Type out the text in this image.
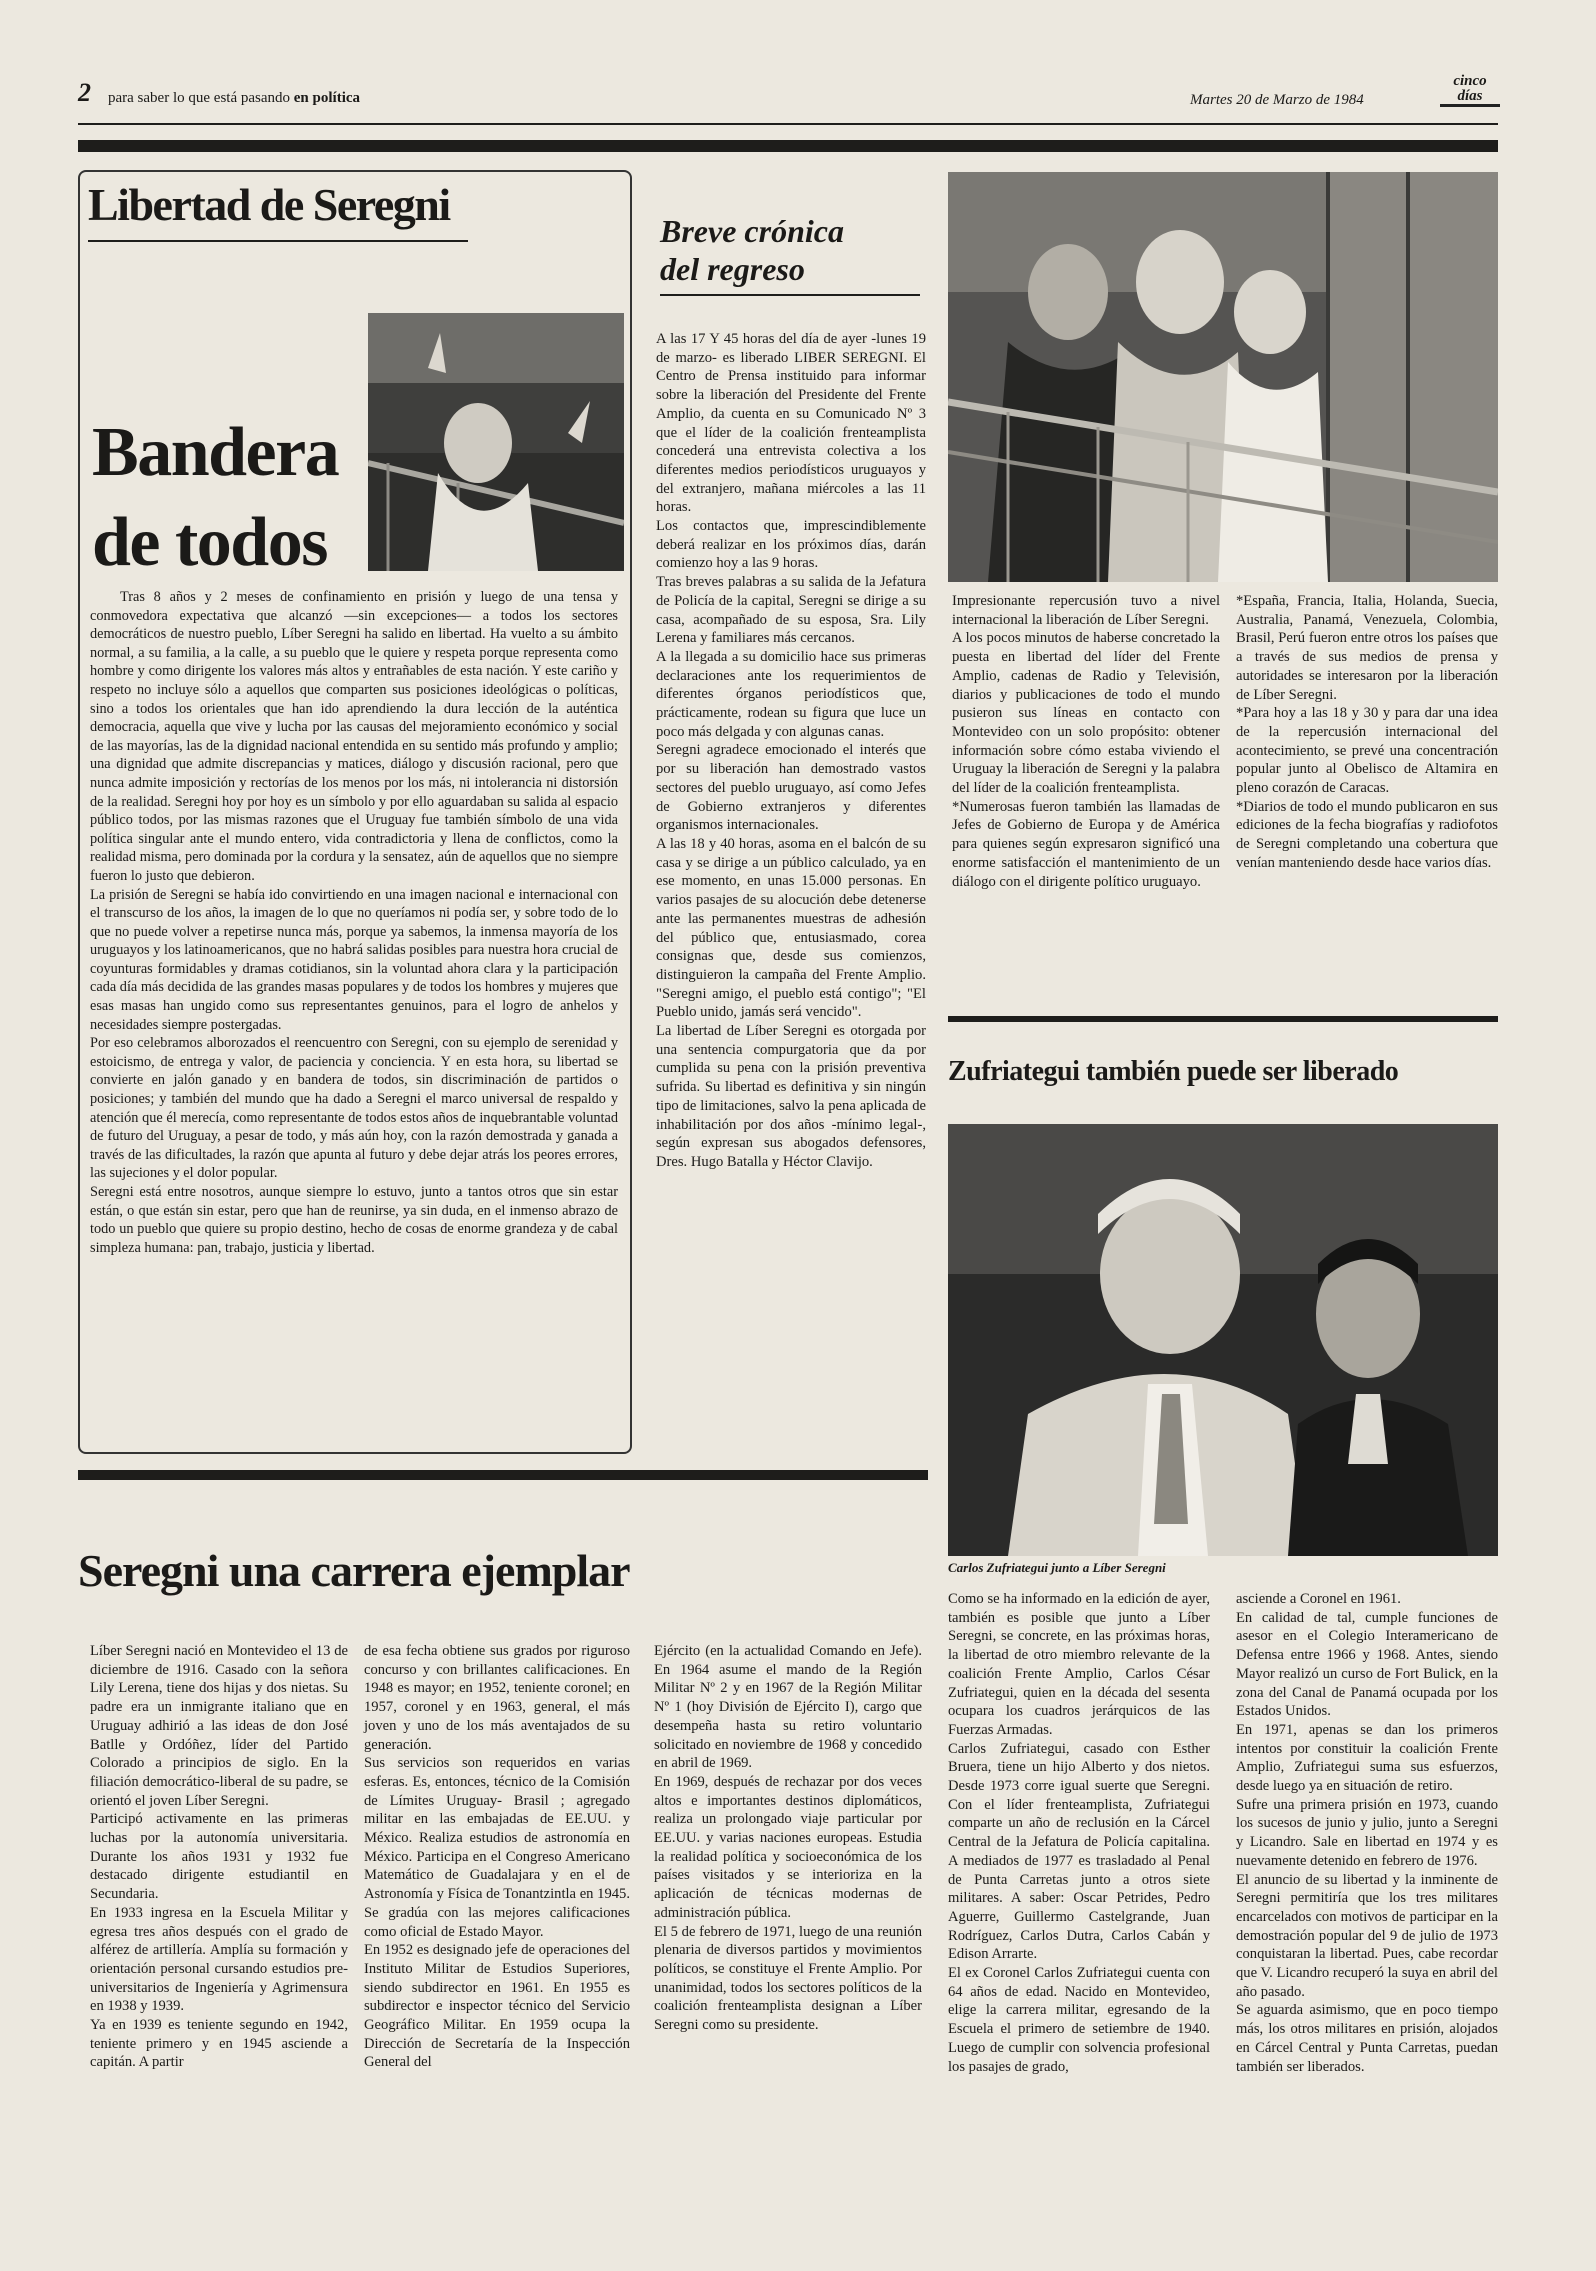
2 para saber lo que está pasando en política	Martes 20 de Marzo de 1984
cinco
días
Libertad de Seregni
Bandera
de todos

Tras 8 años y 2 meses de confinamiento en prisión y luego de una tensa y conmovedora expectativa que alcanzó —sin excepciones— a todos los sectores democráticos de nuestro pueblo, Líber Seregni ha salido en libertad. Ha vuelto a su ámbito normal, a su familia, a la calle, a su pueblo que le quiere y respeta porque representa como hombre y como dirigente los valores más altos y entrañables de esta nación. Y este cariño y respeto no incluye sólo a aquellos que comparten sus posiciones ideológicas o políticas, sino a todos los orientales que han ido aprendiendo la dura lección de la auténtica democracia, aquella que vive y lucha por las causas del mejoramiento económico y social de las mayorías, las de la dignidad nacional entendida en su sentido más profundo y amplio; una dignidad que admite discrepancias y matices, diálogo y discusión racional, pero que nunca admite imposición y rectorías de los menos por los más, ni intolerancia ni distorsión de la realidad. Seregni hoy por hoy es un símbolo y por ello aguardaban su salida al espacio público todos, por las mismas razones que el Uruguay fue también símbolo de una vida política singular ante el mundo entero, vida contradictoria y llena de conflictos, como la realidad misma, pero dominada por la cordura y la sensatez, aún de aquellos que no siempre fueron lo justo que debieron.
La prisión de Seregni se había ido convirtiendo en una imagen nacional e internacional con el transcurso de los años, la imagen de lo que no queríamos ni podía ser, y sobre todo de lo que no puede volver a repetirse nunca más, porque ya sabemos, la inmensa mayoría de los uruguayos y los latinoamericanos, que no habrá salidas posibles para nuestra hora crucial de coyunturas formidables y dramas cotidianos, sin la voluntad ahora clara y la participación cada día más decidida de las grandes masas populares y de todos los hombres y mujeres que esas masas han ungido como sus representantes genuinos, para el logro de anhelos y necesidades siempre postergadas.
Por eso celebramos alborozados el reencuentro con Seregni, con su ejemplo de serenidad y estoicismo, de entrega y valor, de paciencia y conciencia. Y en esta hora, su libertad se convierte en jalón ganado y en bandera de todos, sin discriminación de partidos o posiciones; y también del mundo que ha dado a Seregni el marco universal de respaldo y atención que él merecía, como representante de todos estos años de inquebrantable voluntad de futuro del Uruguay, a pesar de todo, y más aún hoy, con la razón demostrada y ganada a través de las dificultades, la razón que apunta al futuro y debe dejar atrás los peores errores, las sujeciones y el dolor popular.
Seregni está entre nosotros, aunque siempre lo estuvo, junto a tantos otros que sin estar están, o que están sin estar, pero que han de reunirse, ya sin duda, en el inmenso abrazo de todo un pueblo que quiere su propio destino, hecho de cosas de enorme grandeza y de cabal simpleza humana: pan, trabajo, justicia y libertad.

Breve crónica
del regreso

A las 17 Y 45 horas del día de ayer -lunes 19 de marzo- es liberado LIBER SEREGNI. El Centro de Prensa instituido para informar sobre la liberación del Presidente del Frente Amplio, da cuenta en su Comunicado Nº 3 que el líder de la coalición frenteamplista concederá una entrevista colectiva a los diferentes medios periodísticos uruguayos y del extranjero, mañana miércoles a las 11 horas.
Los contactos que, imprescindiblemente deberá realizar en los próximos días, darán comienzo hoy a las 9 horas.
Tras breves palabras a su salida de la Jefatura de Policía de la capital, Seregni se dirige a su casa, acompañado de su esposa, Sra. Lily Lerena y familiares más cercanos.
A la llegada a su domicilio hace sus primeras declaraciones ante los requerimientos de diferentes órganos periodísticos que, prácticamente, rodean su figura que luce un poco más delgada y con algunas canas.
Seregni agradece emocionado el interés que por su liberación han demostrado vastos sectores del pueblo uruguayo, así como Jefes de Gobierno extranjeros y diferentes organismos internacionales.
A las 18 y 40 horas, asoma en el balcón de su casa y se dirige a un público calculado, ya en ese momento, en unas 15.000 personas. En varios pasajes de su alocución debe detenerse ante las permanentes muestras de adhesión del público que, entusiasmado, corea consignas que, desde sus comienzos, distinguieron la campaña del Frente Amplio. "Seregni amigo, el pueblo está contigo"; "El Pueblo unido, jamás será vencido".
La libertad de Líber Seregni es otorgada por una sentencia compurgatoria que da por cumplida su pena con la prisión preventiva sufrida. Su libertad es definitiva y sin ningún tipo de limitaciones, salvo la pena aplicada de inhabilitación por dos años -mínimo legal-, según expresan sus abogados defensores, Dres. Hugo Batalla y Héctor Clavijo.

Impresionante repercusión tuvo a nivel internacional la liberación de Líber Seregni.
A los pocos minutos de haberse concretado la puesta en libertad del líder del Frente Amplio, cadenas de Radio y Televisión, diarios y publicaciones de todo el mundo pusieron sus líneas en contacto con Montevideo con un solo propósito: obtener información sobre cómo estaba viviendo el Uruguay la liberación de Seregni y la palabra del líder de la coalición frenteamplista.
*Numerosas fueron también las llamadas de Jefes de Gobierno de Europa y de América para quienes según expresaron significó una enorme satisfacción el mantenimiento de un diálogo con el dirigente político uruguayo.

*España, Francia, Italia, Holanda, Suecia, Australia, Panamá, Venezuela, Colombia, Brasil, Perú fueron entre otros los países que a través de sus medios de prensa y autoridades se interesaron por la liberación de Líber Seregni.
*Para hoy a las 18 y 30 y para dar una idea de la repercusión internacional del acontecimiento, se prevé una concentración popular junto al Obelisco de Altamira en pleno corazón de Caracas.
*Diarios de todo el mundo publicaron en sus ediciones de la fecha biografías y radiofotos de Seregni completando una cobertura que venían manteniendo desde hace varios días.

Zufriategui también puede ser liberado
Carlos Zufriategui junto a Líber Seregni

Como se ha informado en la edición de ayer, también es posible que junto a Líber Seregni, se concrete, en las próximas horas, la libertad de otro miembro relevante de la coalición Frente Amplio, Carlos César Zufriategui, quien en la década del sesenta ocupara los cuadros jerárquicos de las Fuerzas Armadas.
Carlos Zufriategui, casado con Esther Bruera, tiene un hijo Alberto y dos nietos. Desde 1973 corre igual suerte que Seregni. Con el líder frenteamplista, Zufriategui comparte un año de reclusión en la Cárcel Central de la Jefatura de Policía capitalina. A mediados de 1977 es trasladado al Penal de Punta Carretas junto a otros siete militares. A saber: Oscar Petrides, Pedro Aguerre, Guillermo Castelgrande, Juan Rodríguez, Carlos Dutra, Carlos Cabán y Edison Arrarte.
El ex Coronel Carlos Zufriategui cuenta con 64 años de edad. Nacido en Montevideo, elige la carrera militar, egresando de la Escuela el primero de setiembre de 1940. Luego de cumplir con solvencia profesional los pasajes de grado,

asciende a Coronel en 1961.
En calidad de tal, cumple funciones de asesor en el Colegio Interamericano de Defensa entre 1966 y 1968. Antes, siendo Mayor realizó un curso de Fort Bulick, en la zona del Canal de Panamá ocupada por los Estados Unidos.
En 1971, apenas se dan los primeros intentos por constituir la coalición Frente Amplio, Zufriategui suma sus esfuerzos, desde luego ya en situación de retiro.
Sufre una primera prisión en 1973, cuando los sucesos de junio y julio, junto a Seregni y Licandro. Sale en libertad en 1974 y es nuevamente detenido en febrero de 1976.
El anuncio de su libertad y la inminente de Seregni permitiría que los tres militares encarcelados con motivos de participar en la demostración popular del 9 de julio de 1973 conquistaran la libertad. Pues, cabe recordar que V. Licandro recuperó la suya en abril del año pasado.
Se aguarda asimismo, que en poco tiempo más, los otros militares en prisión, alojados en Cárcel Central y Punta Carretas, puedan también ser liberados.

Seregni una carrera ejemplar

Líber Seregni nació en Montevideo el 13 de diciembre de 1916. Casado con la señora Lily Lerena, tiene dos hijas y dos nietas. Su padre era un inmigrante italiano que en Uruguay adhirió a las ideas de don José Batlle y Ordóñez, líder del Partido Colorado a principios de siglo. En la filiación democrático-liberal de su padre, se orientó el joven Líber Seregni.
Participó activamente en las primeras luchas por la autonomía universitaria. Durante los años 1931 y 1932 fue destacado dirigente estudiantil en Secundaria.
En 1933 ingresa en la Escuela Militar y egresa tres años después con el grado de alférez de artillería. Amplía su formación y orientación personal cursando estudios pre-universitarios de Ingeniería y Agrimensura en 1938 y 1939.
Ya en 1939 es teniente segundo en 1942, teniente primero y en 1945 asciende a capitán. A partir

de esa fecha obtiene sus grados por riguroso concurso y con brillantes calificaciones. En 1948 es mayor; en 1952, teniente coronel; en 1957, coronel y en 1963, general, el más joven y uno de los más aventajados de su generación.
Sus servicios son requeridos en varias esferas. Es, entonces, técnico de la Comisión de Límites Uruguay- Brasil ; agregado militar en las embajadas de EE.UU. y México. Realiza estudios de astronomía en México. Participa en el Congreso Americano Matemático de Guadalajara y en el de Astronomía y Física de Tonantzintla en 1945. Se gradúa con las mejores calificaciones como oficial de Estado Mayor.
En 1952 es designado jefe de operaciones del Instituto Militar de Estudios Superiores, siendo subdirector en 1961. En 1955 es subdirector e inspector técnico del Servicio Geográfico Militar. En 1959 ocupa la Dirección de Secretaría de la Inspección General del

Ejército (en la actualidad Comando en Jefe). En 1964 asume el mando de la Región Militar Nº 2 y en 1967 de la Región Militar Nº 1 (hoy División de Ejército I), cargo que desempeña hasta su retiro voluntario solicitado en noviembre de 1968 y concedido en abril de 1969.
En 1969, después de rechazar por dos veces altos e importantes destinos diplomáticos, realiza un prolongado viaje particular por EE.UU. y varias naciones europeas. Estudia la realidad política y socioeconómica de los países visitados y se interioriza en la aplicación de técnicas modernas de administración pública.
El 5 de febrero de 1971, luego de una reunión plenaria de diversos partidos y movimientos políticos, se constituye el Frente Amplio. Por unanimidad, todos los sectores políticos de la coalición frenteamplista designan a Líber Seregni como su presidente.
